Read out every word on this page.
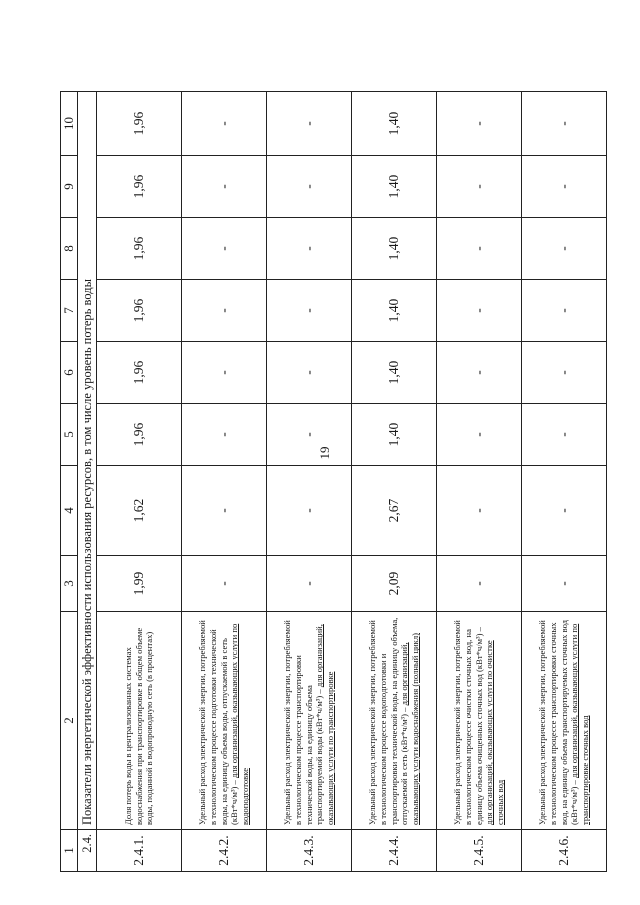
19
1	2	3	4	5	6	7	8	9	10

2.4.	Показатели энергетической эффективности использования ресурсов, в том числе уровень потерь воды								
2.4.1.	Доля потерь воды в централизованных системах водоснабжения при транспортировке в общем объеме воды, поданной в водопроводную сеть (в процентах)	1,99	1,62	1,96	1,96	1,96	1,96	1,96	1,96
2.4.2.	Удельный расход электрической энергии, потребляемой в технологическом процессе подготовки технической воды, на единицу объема воды, отпускаемой в сеть (кВт*ч/м³) – для организаций, оказывающих услуги по водоподготовке	-	-	-	-	-	-	-	-
2.4.3.	Удельный расход электрической энергии, потребляемой в технологическом процессе транспортировки технической воды, на единицу объема транспортируемой воды (кВт*ч/м³) – для организаций, оказывающих услуги по транспортировке	-	-	-	-	-	-	-	-
2.4.4.	Удельный расход электрической энергии, потребляемой в технологическом процессе водоподготовки и транспортировки технической воды, на единицу объема, отпускаемой в сеть (кВт*ч/м³) – для организаций, оказывающих услуги водоснабжения (полный цикл)	2,09	2,67	1,40	1,40	1,40	1,40	1,40	1,40
2.4.5.	Удельный расход электрической энергии, потребляемой в технологическом процессе очистки сточных вод, на единицу объема очищенных сточных вод (кВт*ч/м³) – для организаций, оказывающих услуги по очистке сточных вод	-	-	-	-	-	-	-	-
2.4.6.	Удельный расход электрической энергии, потребляемой в технологическом процессе транспортировки сточных вод, на единицу объема транспортируемых сточных вод (кВт*ч/м³) – для организаций, оказывающих услуги по транспортировке сточных вод	-	-	-	-	-	-	-	-
